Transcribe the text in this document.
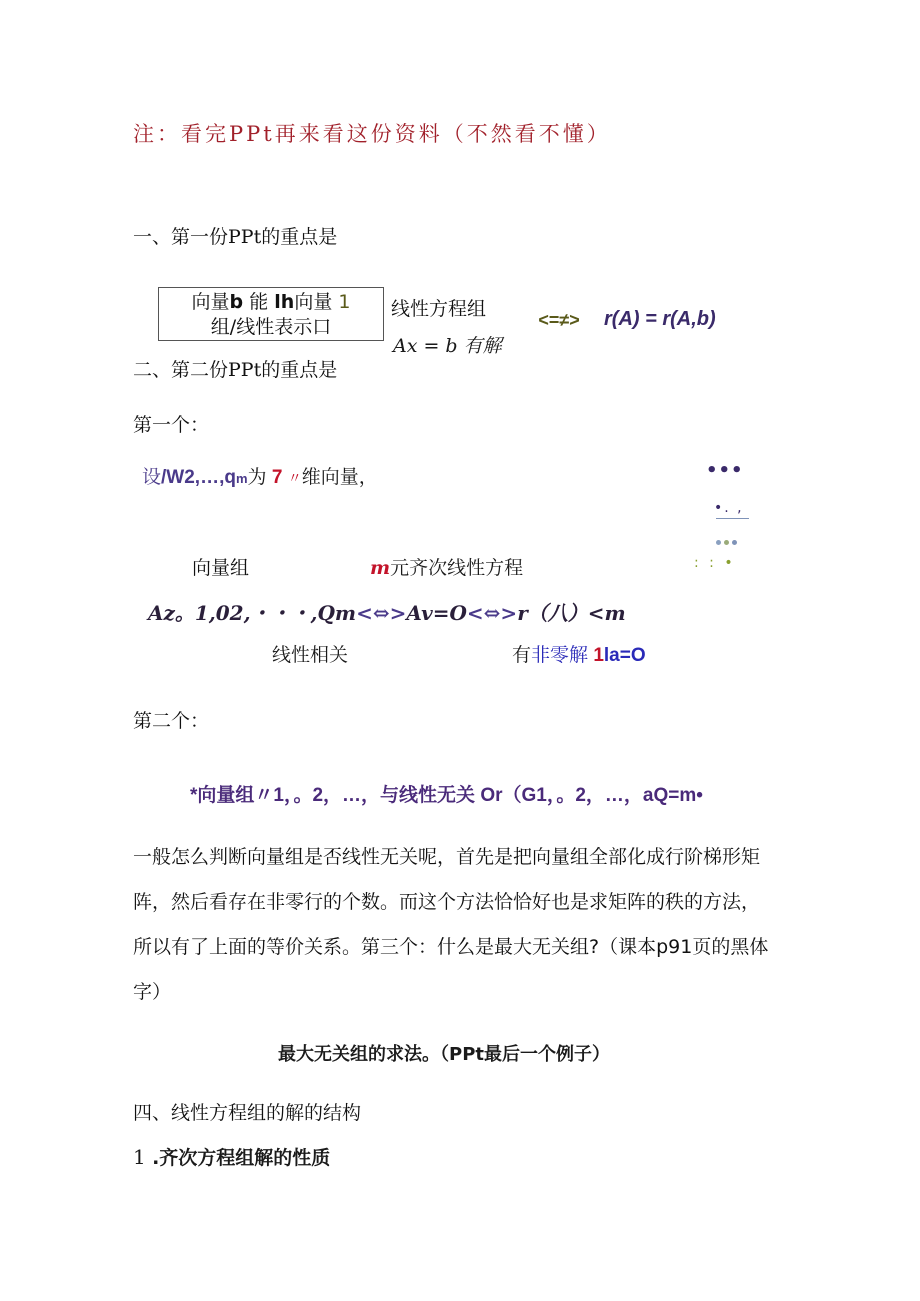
注：看完PPt再来看这份资料（不然看不懂）
一、第一份PPt的重点是
向量b 能 lh向量 1
组/线性表示口
线性方程组	<=≠> r(A) = r(A,b)
Ax = b 有解
二、第二份PPt的重点是
第一个：
设/W2,…,qm为 7 〃维向量，	•••
•. ,
: : •
向量组	m元齐次线性方程
Az。1,02,・・・,Qm<⇔>Av=O<⇔>r（八）<m
线性相关	有非零解 1la=O
第二个：
*向量组〃1，。2，…，与线性无关 Or（G1，。2，…，aQ=m•
一般怎么判断向量组是否线性无关呢，首先是把向量组全部化成行阶梯形矩阵，然后看存在非零行的个数。而这个方法恰恰好也是求矩阵的秩的方法，所以有了上面的等价关系。第三个：什么是最大无关组?（课本p91页的黑体字）
最大无关组的求法。（PPt最后一个例子）
四、线性方程组的解的结构
1 .齐次方程组解的性质
